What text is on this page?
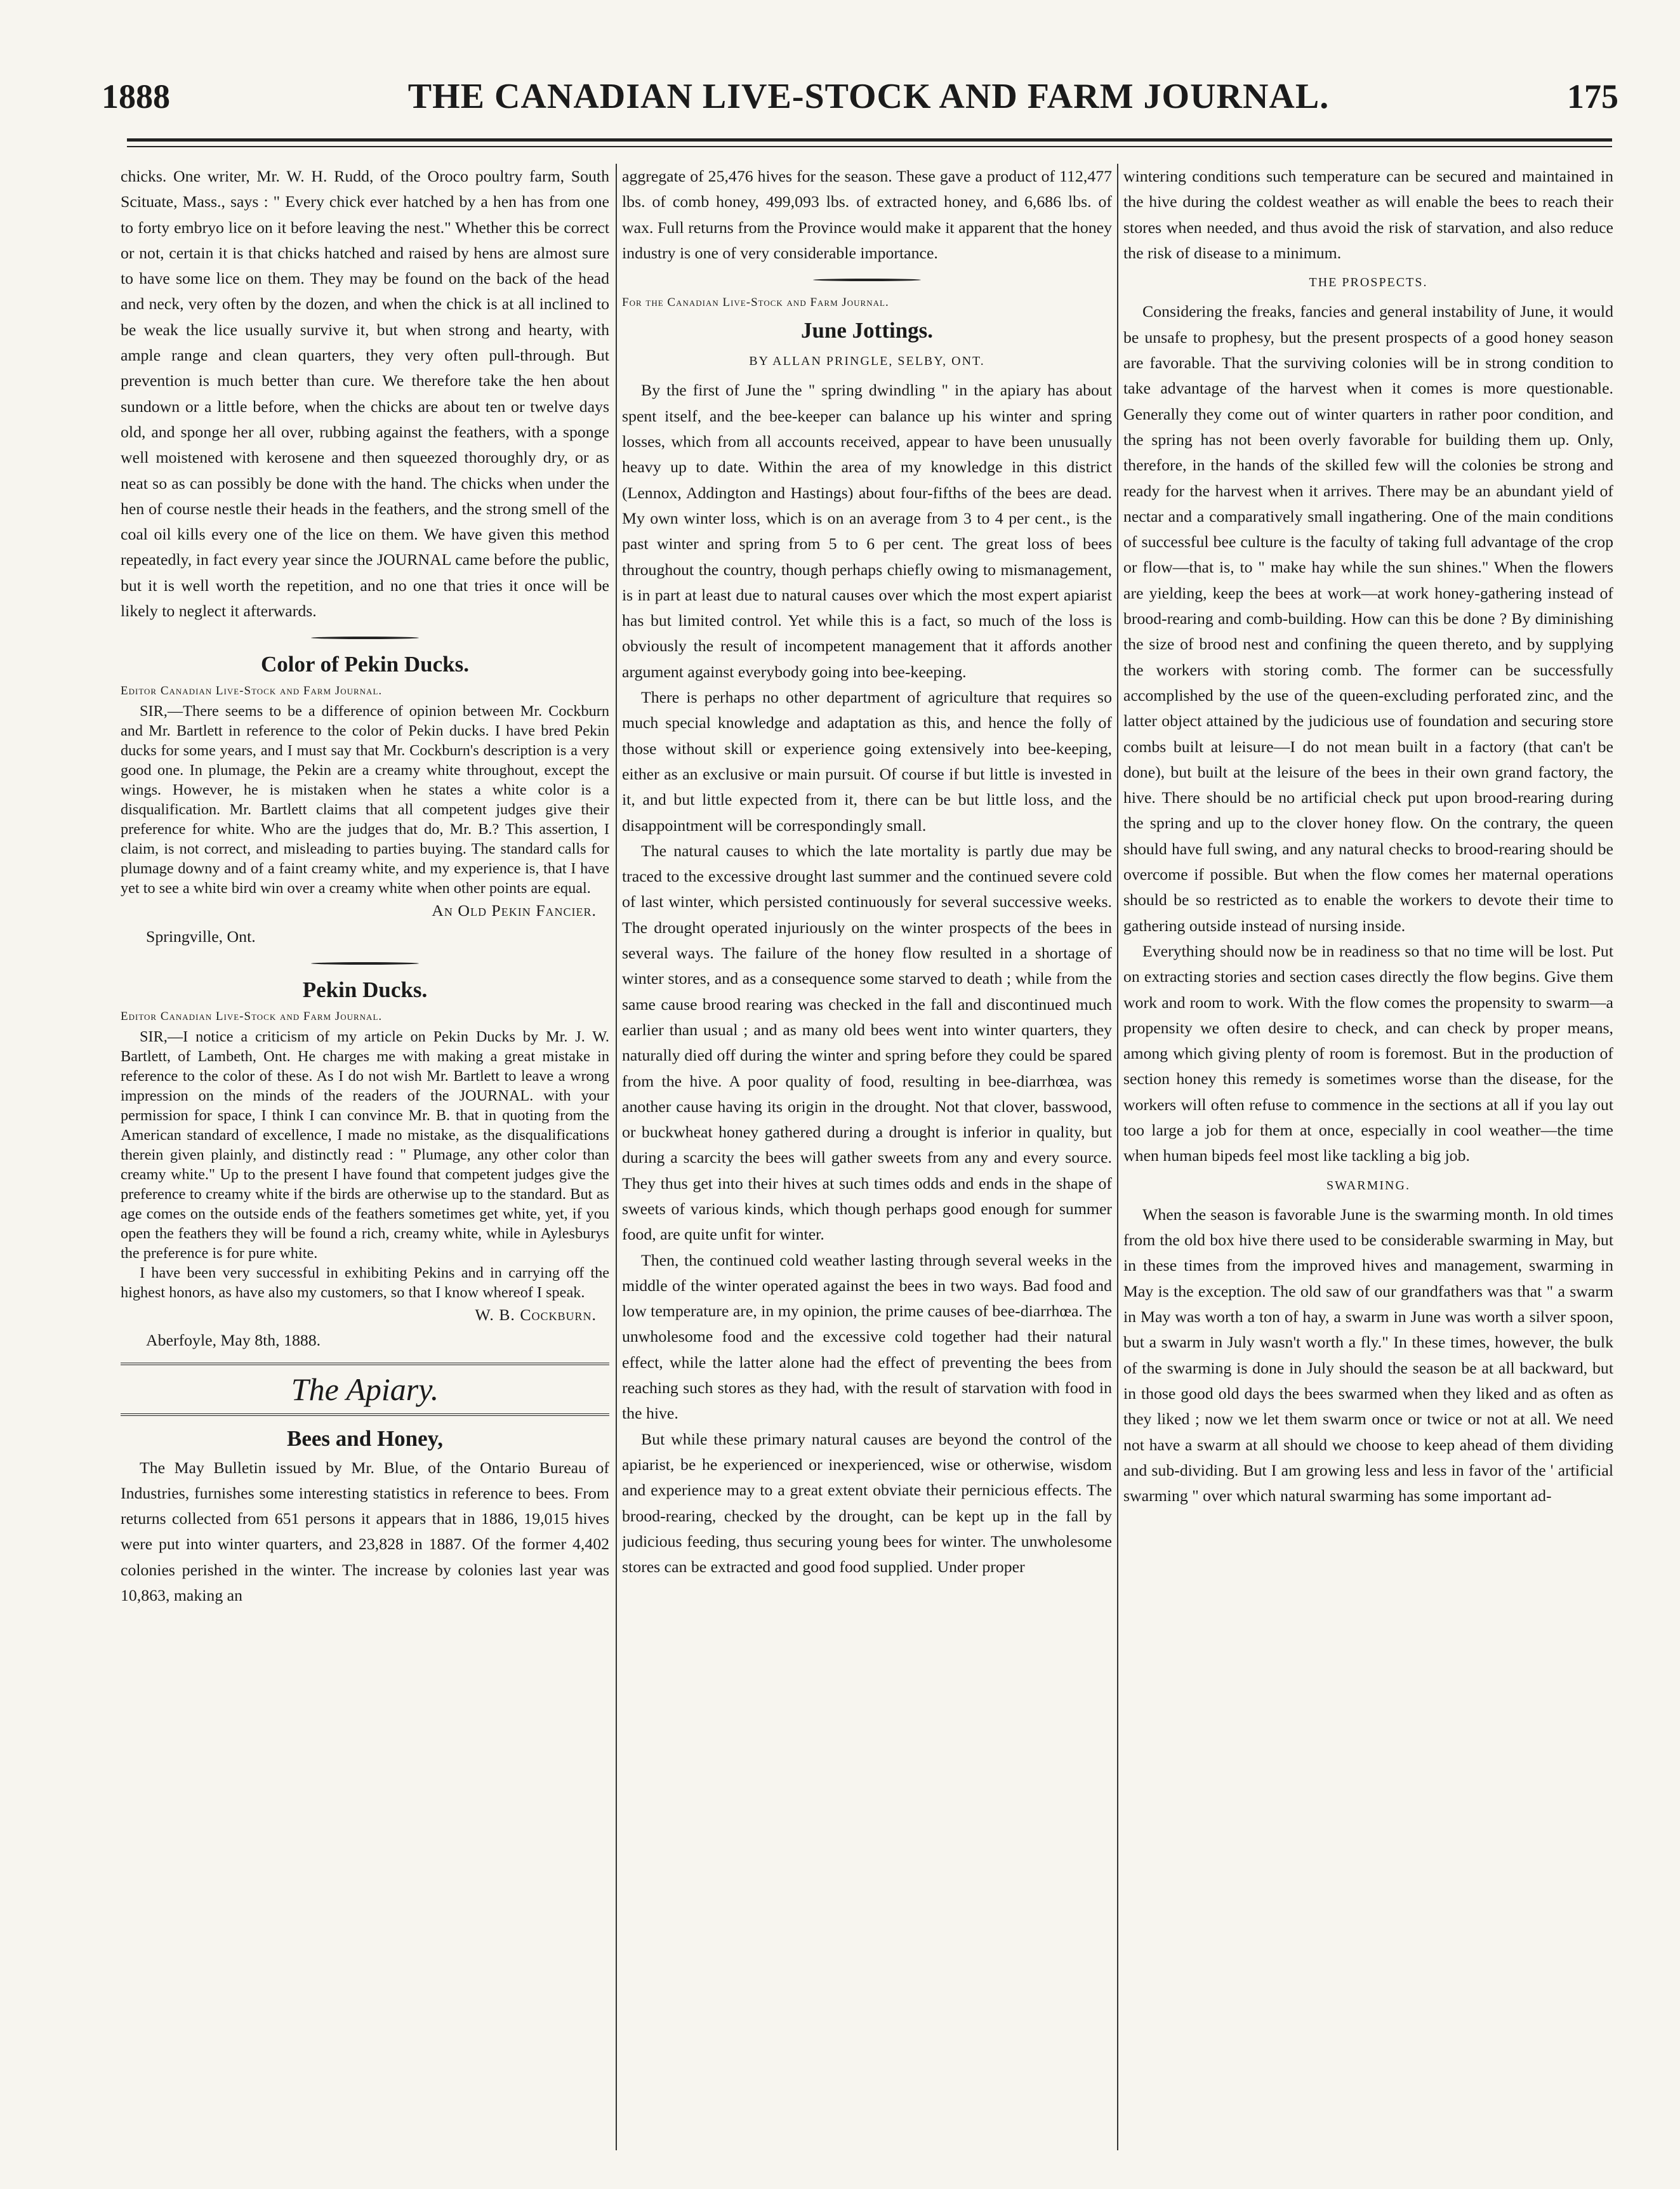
1888	THE CANADIAN LIVE-STOCK AND FARM JOURNAL.	175

chicks. One writer, Mr. W. H. Rudd, of the Oroco poultry farm, South Scituate, Mass., says : " Every chick ever hatched by a hen has from one to forty embryo lice on it before leaving the nest." Whether this be correct or not, certain it is that chicks hatched and raised by hens are almost sure to have some lice on them. They may be found on the back of the head and neck, very often by the dozen, and when the chick is at all inclined to be weak the lice usually survive it, but when strong and hearty, with ample range and clean quarters, they very often pull-through. But prevention is much better than cure. We therefore take the hen about sundown or a little before, when the chicks are about ten or twelve days old, and sponge her all over, rubbing against the feathers, with a sponge well moistened with kerosene and then squeezed thoroughly dry, or as neat so as can possibly be done with the hand. The chicks when under the hen of course nestle their heads in the feathers, and the strong smell of the coal oil kills every one of the lice on them. We have given this method repeatedly, in fact every year since the JOURNAL came before the public, but it is well worth the repetition, and no one that tries it once will be likely to neglect it afterwards.

Color of Pekin Ducks.
Editor Canadian Live-Stock and Farm Journal.

SIR,—There seems to be a difference of opinion between Mr. Cockburn and Mr. Bartlett in reference to the color of Pekin ducks. I have bred Pekin ducks for some years, and I must say that Mr. Cockburn's description is a very good one. In plumage, the Pekin are a creamy white throughout, except the wings. However, he is mistaken when he states a white color is a disqualification. Mr. Bartlett claims that all competent judges give their preference for white. Who are the judges that do, Mr. B.? This assertion, I claim, is not correct, and misleading to parties buying. The standard calls for plumage downy and of a faint creamy white, and my experience is, that I have yet to see a white bird win over a creamy white when other points are equal.

An Old Pekin Fancier.
Springville, Ont.
Pekin Ducks.
Editor Canadian Live-Stock and Farm Journal.

SIR,—I notice a criticism of my article on Pekin Ducks by Mr. J. W. Bartlett, of Lambeth, Ont. He charges me with making a great mistake in reference to the color of these. As I do not wish Mr. Bartlett to leave a wrong impression on the minds of the readers of the JOURNAL. with your permission for space, I think I can convince Mr. B. that in quoting from the American standard of excellence, I made no mistake, as the disqualifications therein given plainly, and distinctly read : " Plumage, any other color than creamy white." Up to the present I have found that competent judges give the preference to creamy white if the birds are otherwise up to the standard. But as age comes on the outside ends of the feathers sometimes get white, yet, if you open the feathers they will be found a rich, creamy white, while in Aylesburys the preference is for pure white.

I have been very successful in exhibiting Pekins and in carrying off the highest honors, as have also my customers, so that I know whereof I speak.

W. B. Cockburn.
Aberfoyle, May 8th, 1888.
The Apiary.
Bees and Honey,

The May Bulletin issued by Mr. Blue, of the Ontario Bureau of Industries, furnishes some interesting statistics in reference to bees. From returns collected from 651 persons it appears that in 1886, 19,015 hives were put into winter quarters, and 23,828 in 1887. Of the former 4,402 colonies perished in the winter. The increase by colonies last year was 10,863, making an

aggregate of 25,476 hives for the season. These gave a product of 112,477 lbs. of comb honey, 499,093 lbs. of extracted honey, and 6,686 lbs. of wax. Full returns from the Province would make it apparent that the honey industry is one of very considerable importance.

For the Canadian Live-Stock and Farm Journal.
June Jottings.
BY ALLAN PRINGLE, SELBY, ONT.

By the first of June the " spring dwindling " in the apiary has about spent itself, and the bee-keeper can balance up his winter and spring losses, which from all accounts received, appear to have been unusually heavy up to date. Within the area of my knowledge in this district (Lennox, Addington and Hastings) about four-fifths of the bees are dead. My own winter loss, which is on an average from 3 to 4 per cent., is the past winter and spring from 5 to 6 per cent. The great loss of bees throughout the country, though perhaps chiefly owing to mismanagement, is in part at least due to natural causes over which the most expert apiarist has but limited control. Yet while this is a fact, so much of the loss is obviously the result of incompetent management that it affords another argument against everybody going into bee-keeping.

There is perhaps no other department of agriculture that requires so much special knowledge and adaptation as this, and hence the folly of those without skill or experience going extensively into bee-keeping, either as an exclusive or main pursuit. Of course if but little is invested in it, and but little expected from it, there can be but little loss, and the disappointment will be correspondingly small.

The natural causes to which the late mortality is partly due may be traced to the excessive drought last summer and the continued severe cold of last winter, which persisted continuously for several successive weeks. The drought operated injuriously on the winter prospects of the bees in several ways. The failure of the honey flow resulted in a shortage of winter stores, and as a consequence some starved to death ; while from the same cause brood rearing was checked in the fall and discontinued much earlier than usual ; and as many old bees went into winter quarters, they naturally died off during the winter and spring before they could be spared from the hive. A poor quality of food, resulting in bee-diarrhœa, was another cause having its origin in the drought. Not that clover, basswood, or buckwheat honey gathered during a drought is inferior in quality, but during a scarcity the bees will gather sweets from any and every source. They thus get into their hives at such times odds and ends in the shape of sweets of various kinds, which though perhaps good enough for summer food, are quite unfit for winter.

Then, the continued cold weather lasting through several weeks in the middle of the winter operated against the bees in two ways. Bad food and low temperature are, in my opinion, the prime causes of bee-diarrhœa. The unwholesome food and the excessive cold together had their natural effect, while the latter alone had the effect of preventing the bees from reaching such stores as they had, with the result of starvation with food in the hive.

But while these primary natural causes are beyond the control of the apiarist, be he experienced or inexperienced, wise or otherwise, wisdom and experience may to a great extent obviate their pernicious effects. The brood-rearing, checked by the drought, can be kept up in the fall by judicious feeding, thus securing young bees for winter. The unwholesome stores can be extracted and good food supplied. Under proper

wintering conditions such temperature can be secured and maintained in the hive during the coldest weather as will enable the bees to reach their stores when needed, and thus avoid the risk of starvation, and also reduce the risk of disease to a minimum.

THE PROSPECTS.

Considering the freaks, fancies and general instability of June, it would be unsafe to prophesy, but the present prospects of a good honey season are favorable. That the surviving colonies will be in strong condition to take advantage of the harvest when it comes is more questionable. Generally they come out of winter quarters in rather poor condition, and the spring has not been overly favorable for building them up. Only, therefore, in the hands of the skilled few will the colonies be strong and ready for the harvest when it arrives. There may be an abundant yield of nectar and a comparatively small ingathering. One of the main conditions of successful bee culture is the faculty of taking full advantage of the crop or flow—that is, to " make hay while the sun shines." When the flowers are yielding, keep the bees at work—at work honey-gathering instead of brood-rearing and comb-building. How can this be done ? By diminishing the size of brood nest and confining the queen thereto, and by supplying the workers with storing comb. The former can be successfully accomplished by the use of the queen-excluding perforated zinc, and the latter object attained by the judicious use of foundation and securing store combs built at leisure—I do not mean built in a factory (that can't be done), but built at the leisure of the bees in their own grand factory, the hive. There should be no artificial check put upon brood-rearing during the spring and up to the clover honey flow. On the contrary, the queen should have full swing, and any natural checks to brood-rearing should be overcome if possible. But when the flow comes her maternal operations should be so restricted as to enable the workers to devote their time to gathering outside instead of nursing inside.

Everything should now be in readiness so that no time will be lost. Put on extracting stories and section cases directly the flow begins. Give them work and room to work. With the flow comes the propensity to swarm—a propensity we often desire to check, and can check by proper means, among which giving plenty of room is foremost. But in the production of section honey this remedy is sometimes worse than the disease, for the workers will often refuse to commence in the sections at all if you lay out too large a job for them at once, especially in cool weather—the time when human bipeds feel most like tackling a big job.

SWARMING.

When the season is favorable June is the swarming month. In old times from the old box hive there used to be considerable swarming in May, but in these times from the improved hives and management, swarming in May is the exception. The old saw of our grandfathers was that " a swarm in May was worth a ton of hay, a swarm in June was worth a silver spoon, but a swarm in July wasn't worth a fly." In these times, however, the bulk of the swarming is done in July should the season be at all backward, but in those good old days the bees swarmed when they liked and as often as they liked ; now we let them swarm once or twice or not at all. We need not have a swarm at all should we choose to keep ahead of them dividing and sub-dividing. But I am growing less and less in favor of the ' artificial swarming " over which natural swarming has some important ad-
